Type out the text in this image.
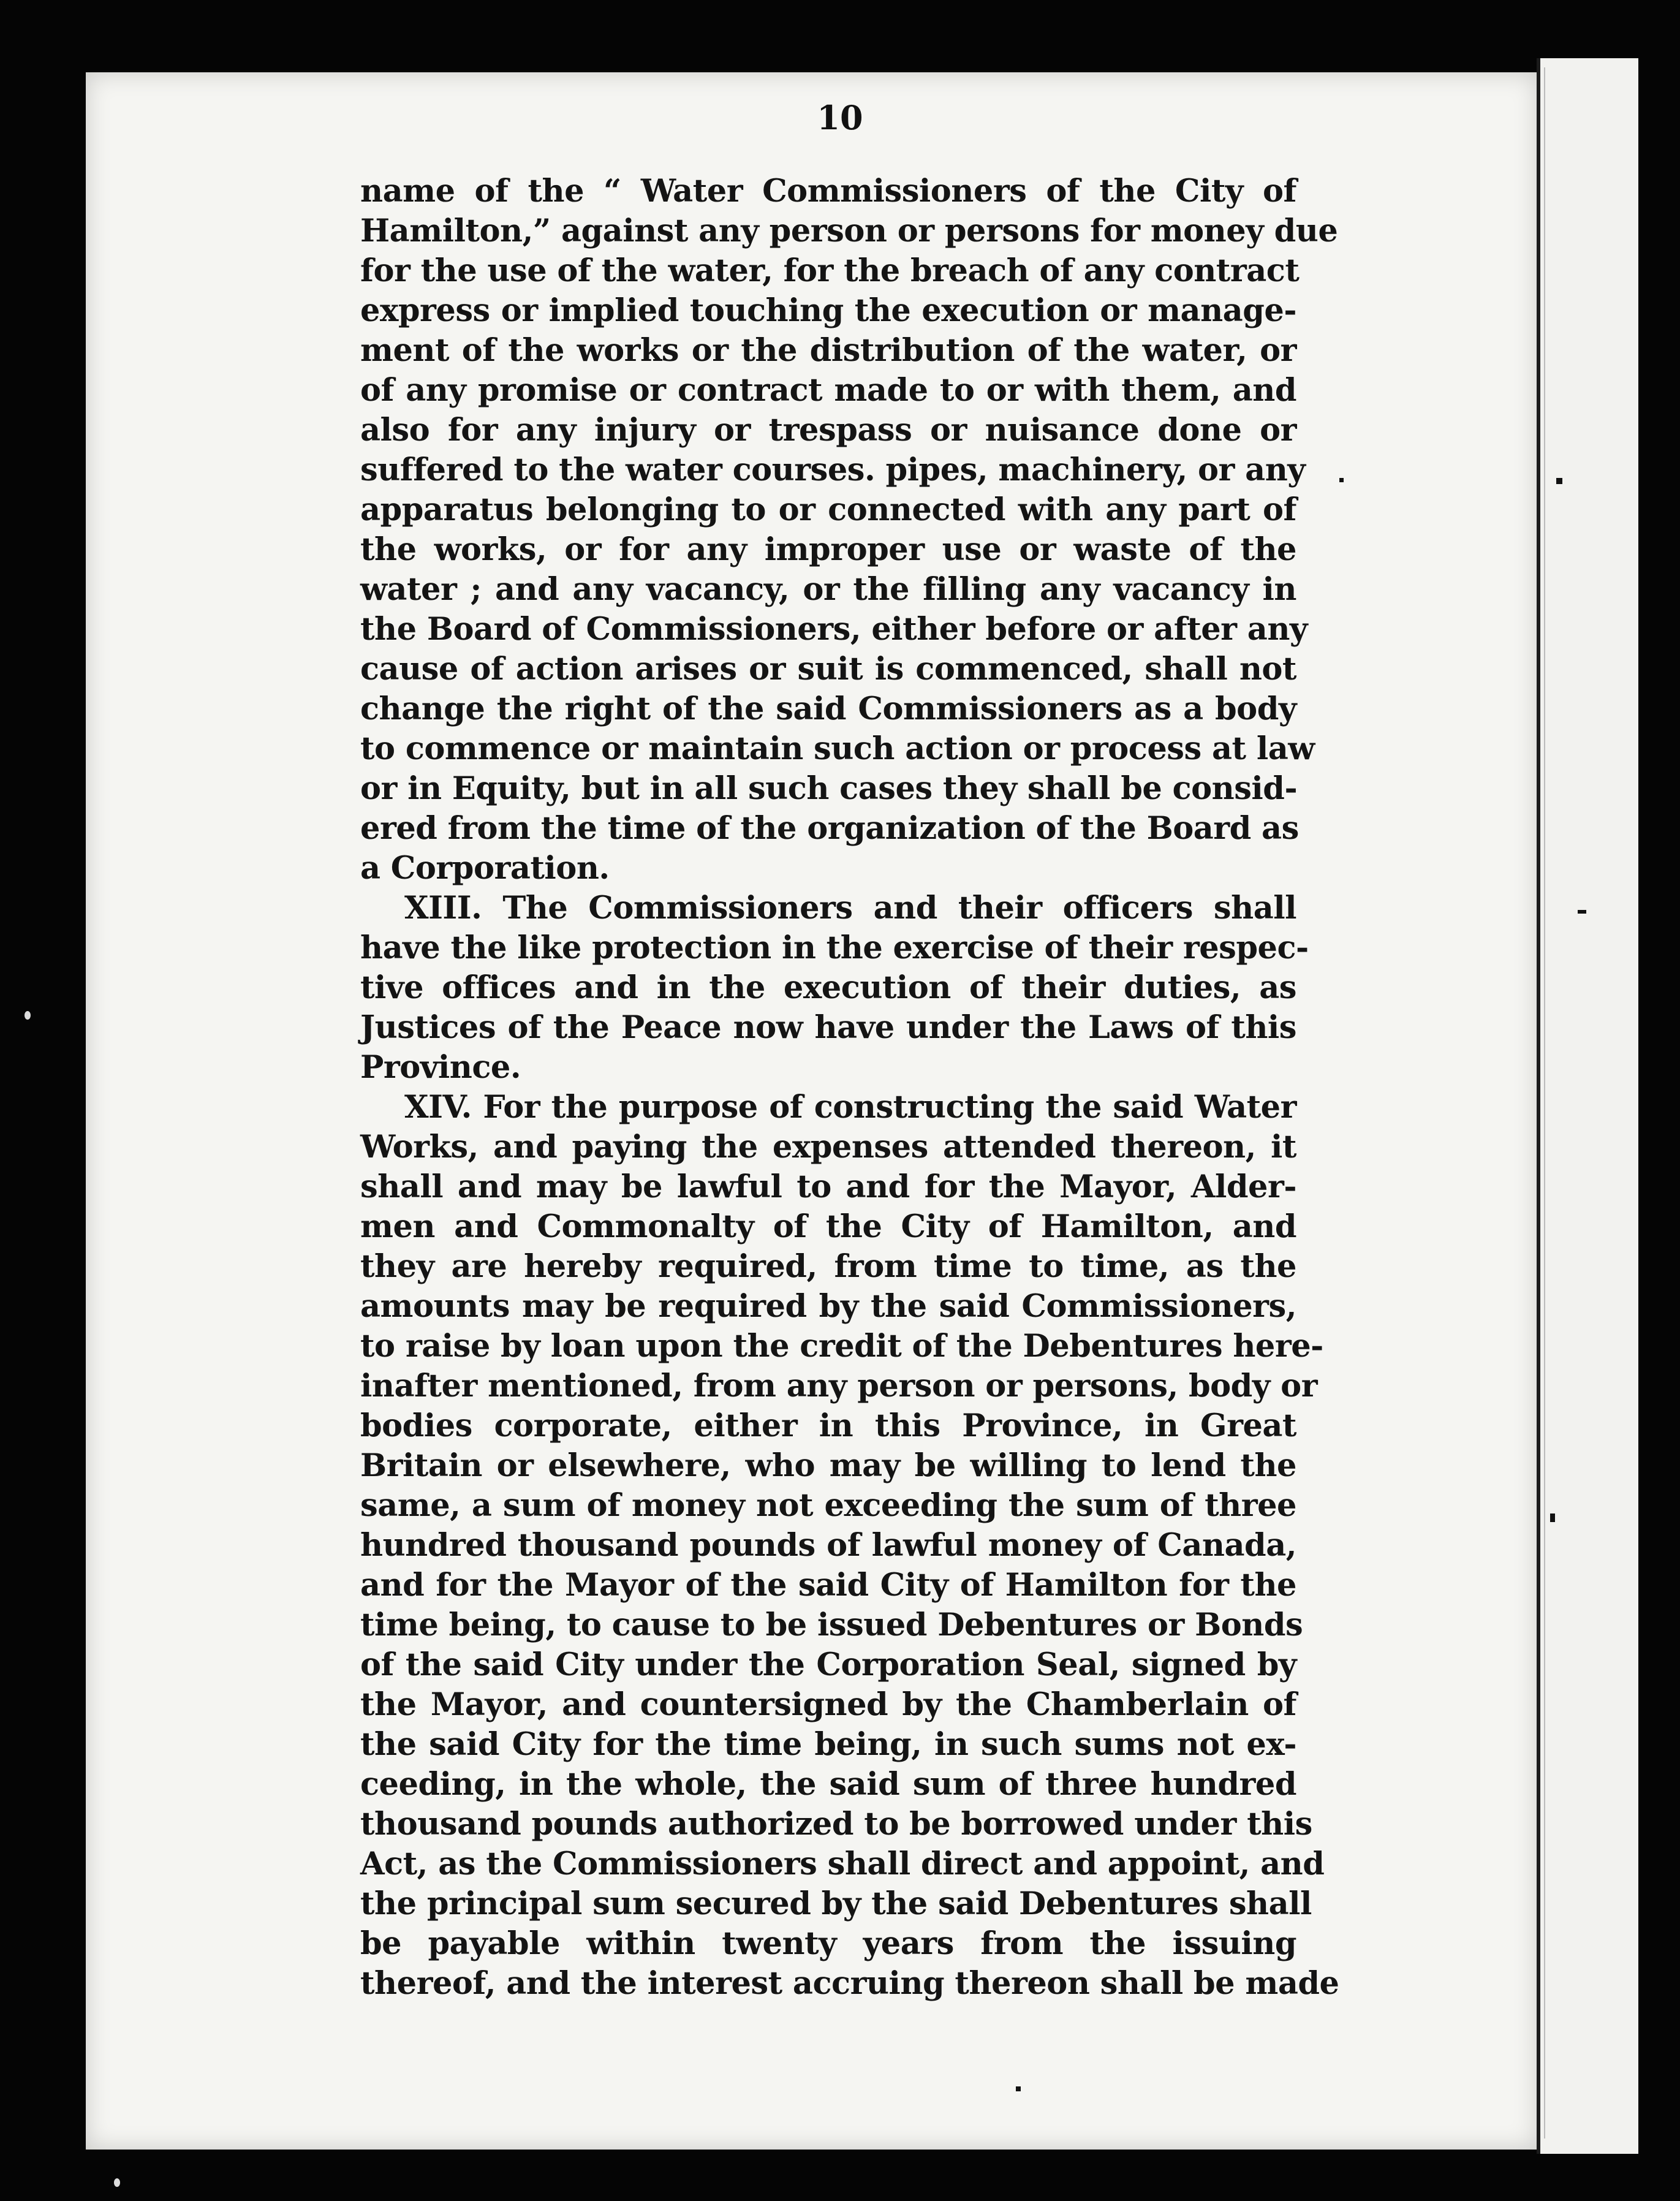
10
name of the “ Water Commissioners of the City of
Hamilton,” against any person or persons for money due
for the use of the water, for the breach of any contract
express or implied touching the execution or manage-
ment of the works or the distribution of the water, or
of any promise or contract made to or with them, and
also for any injury or trespass or nuisance done or
suffered to the water courses. pipes, machinery, or any
apparatus belonging to or connected with any part of
the works, or for any improper use or waste of the
water ; and any vacancy, or the filling any vacancy in
the Board of Commissioners, either before or after any
cause of action arises or suit is commenced, shall not
change the right of the said Commissioners as a body
to commence or maintain such action or process at law
or in Equity, but in all such cases they shall be consid-
ered from the time of the organization of the Board as
a Corporation.
XIII. The Commissioners and their officers shall
have the like protection in the exercise of their respec-
tive offices and in the execution of their duties, as
Justices of the Peace now have under the Laws of this
Province.
XIV. For the purpose of constructing the said Water
Works, and paying the expenses attended thereon, it
shall and may be lawful to and for the Mayor, Alder-
men and Commonalty of the City of Hamilton, and
they are hereby required, from time to time, as the
amounts may be required by the said Commissioners,
to raise by loan upon the credit of the Debentures here-
inafter mentioned, from any person or persons, body or
bodies corporate, either in this Province, in Great
Britain or elsewhere, who may be willing to lend the
same, a sum of money not exceeding the sum of three
hundred thousand pounds of lawful money of Canada,
and for the Mayor of the said City of Hamilton for the
time being, to cause to be issued Debentures or Bonds
of the said City under the Corporation Seal, signed by
the Mayor, and countersigned by the Chamberlain of
the said City for the time being, in such sums not ex-
ceeding, in the whole, the said sum of three hundred
thousand pounds authorized to be borrowed under this
Act, as the Commissioners shall direct and appoint, and
the principal sum secured by the said Debentures shall
be payable within twenty years from the issuing
thereof, and the interest accruing thereon shall be made
